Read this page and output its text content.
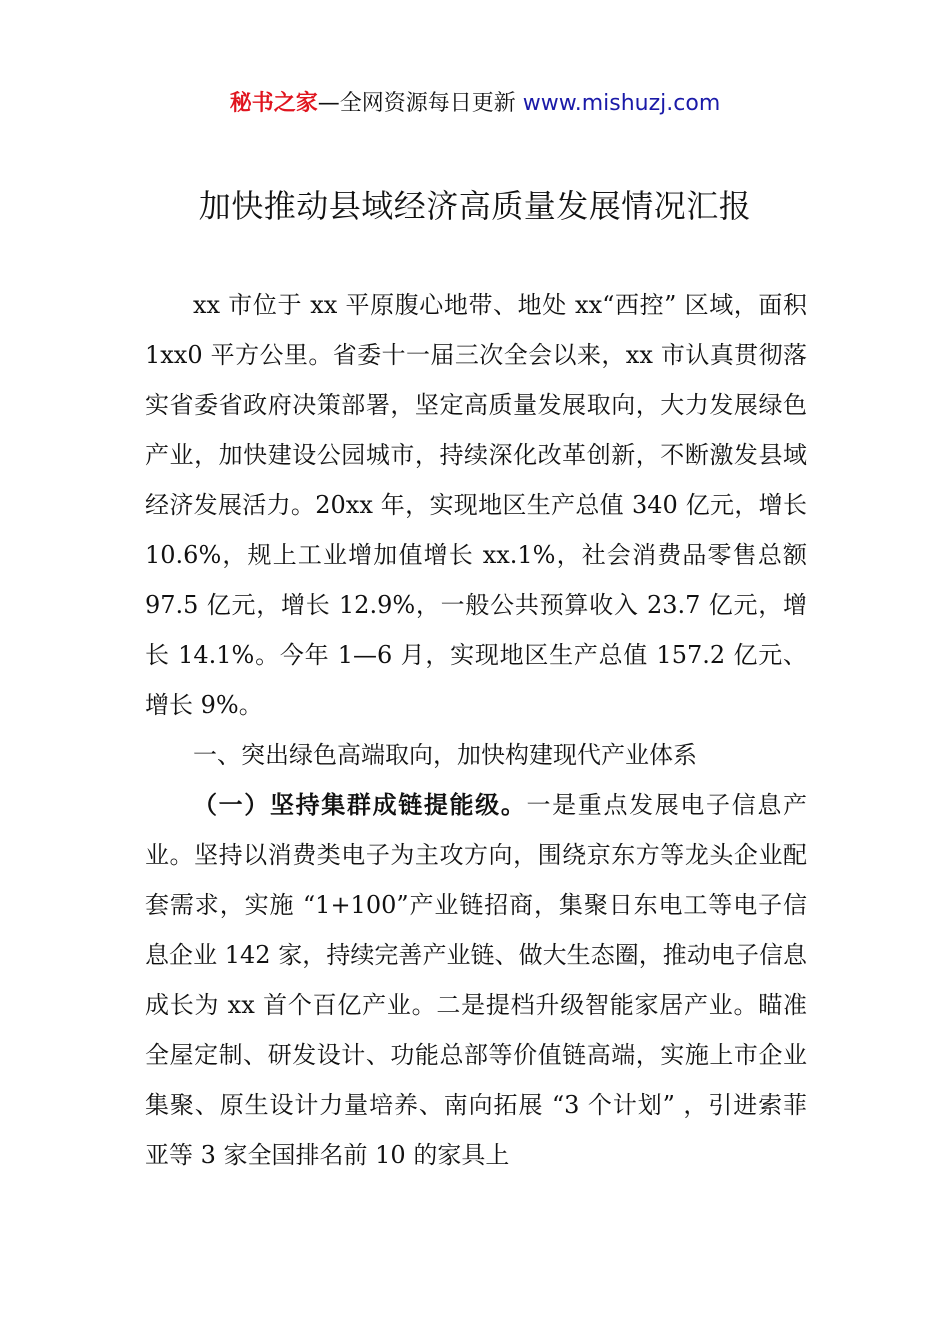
秘书之家—全网资源每日更新 www.mishuzj.com
加快推动县域经济高质量发展情况汇报

xx 市位于 xx 平原腹心地带、地处 xx“西控” 区域，面积 1xx0 平方公里。省委十一届三次全会以来，xx 市认真贯彻落实省委省政府决策部署，坚定高质量发展取向，大力发展绿色产业，加快建设公园城市，持续深化改革创新，不断激发县域经济发展活力。20xx 年，实现地区生产总值 340 亿元，增长 10.6%，规上工业增加值增长 xx.1%，社会消费品零售总额 97.5 亿元，增长 12.9%，一般公共预算收入 23.7 亿元，增长 14.1%。今年 1—6 月，实现地区生产总值 157.2 亿元、增长 9%。

一、突出绿色高端取向，加快构建现代产业体系

（一）坚持集群成链提能级。一是重点发展电子信息产业。坚持以消费类电子为主攻方向，围绕京东方等龙头企业配套需求，实施 “1+100”产业链招商，集聚日东电工等电子信息企业 142 家，持续完善产业链、做大生态圈，推动电子信息成长为 xx 首个百亿产业。二是提档升级智能家居产业。瞄准全屋定制、研发设计、功能总部等价值链高端，实施上市企业集聚、原生设计力量培养、南向拓展 “3 个计划” ，引进索菲亚等 3 家全国排名前 10 的家具上
